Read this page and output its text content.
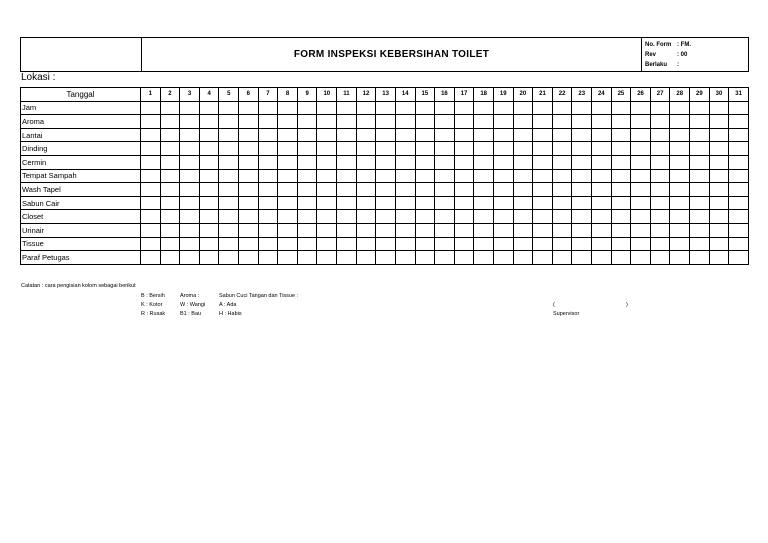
	FORM INSPEKSI KEBERSIHAN TOILET	
No. Form : FM.
Rev	: 00
Berlaku	:
Lokasi :
Tanggal	1	2	3	4	5	6	7	8	9	10	11	12	13	14	15	16	17	18	19	20	21	22	23	24	25	26	27	28	29	30	31
Jam																															
Aroma																															
Lantai																															
Dinding																															
Cermin																															
Tempat Sampah																															
Wash Tapel																															
Sabun Cair																															
Closet																															
Urinair																															
Tissue																															
Paraf Petugas																															
Catatan : cara pengisian kolom sebagai berikut
B : Bersih	Aroma :	Sabun Cuci Tangan dan Tissue :
K : Kotor	W : Wangi	A : Ada
R : Rusak	B1 : Bau	H : Habis
(	)
Supervisor
